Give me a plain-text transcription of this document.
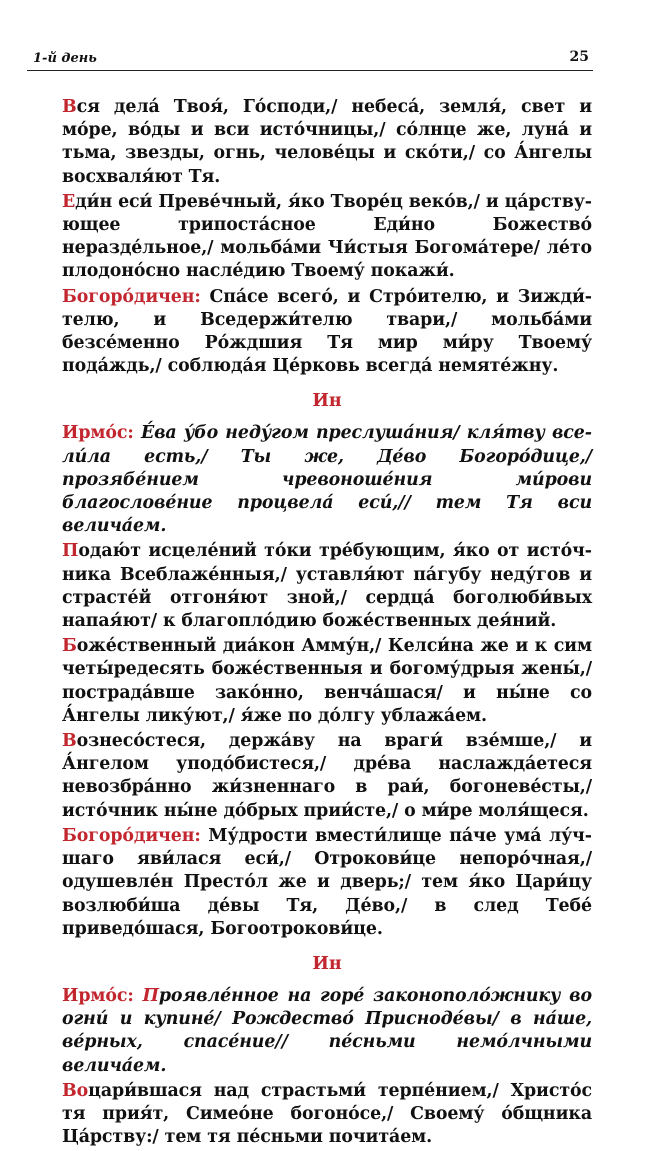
1-й день	25

Вся дела́ Твоя́, Го́споди,/ небеса́, земля́, свет и мо́ре, во́ды и вси исто́чницы,/ со́лнце же, луна́ и тьма, звезды, огнь, челове́цы и ско́ти,/ со А́нгелы восхваля́ют Тя.

Еди́н еси́ Преве́чный, я́ко Творе́ц веко́в,/ и ца́рствующее трипоста́сное Еди́но Божество́ нераздéльное,/ мольба́ми Чи́стыя Богома́тере/ ле́то плодоно́сно наслéдию Твоему́ покажи́.

Богоро́дичен: Спа́се всего́, и Стро́ителю, и Зижди́телю, и Вседержи́телю твари,/ мольба́ми безсе́менно Ро́ждшия Тя мир ми́ру Твоему́ пода́ждь,/ соблюда́я Це́рковь всегда́ немяте́жну.

Ин

Ирмо́с: Е́ва у́бо неду́гом преслуша́ния/ кля́тву всели́ла есть,/ Ты же, Де́во Богоро́дице,/ прозябе́нием чревоноше́ния ми́рови благослове́ние процвела́ еси́,// тем Тя вси велича́ем.

Подаю́т исцеле́ний то́ки тре́бующим, я́ко от исто́чника Всеблаже́нныя,/ уставля́ют па́губу неду́гов и страсте́й отгоня́ют зной,/ сердца́ боголюби́вых напая́ют/ к благопло́дию боже́ственных дея́ний.

Боже́ственный диа́кон Амму́н,/ Келси́на же и к сим четы́редесять боже́ственныя и богому́дрыя жены́,/ пострада́вше зако́нно, венча́шася/ и ны́не со А́нгелы лику́ют,/ я́же по до́лгу ублажа́ем.

Вознесо́стеся, держа́ву на враги́ взе́мше,/ и А́нгелом уподо́бистеся,/ дре́ва наслажда́етеся невозбра́нно жи́зненнаго в раи́, богоневе́сты,/ исто́чник ны́не до́брых прии́сте,/ о ми́ре моля́щеся.

Богоро́дичен: Му́дрости вмести́лище па́че ума́ лу́чшаго яви́лася еси́,/ Отрокови́це непоро́чная,/ одушевле́н Престо́л же и дверь;/ тем я́ко Цари́цу возлюби́ша де́вы Тя, Де́во,/ в след Тебе́ приведо́шася, Богоотрокови́це.

Ин

Ирмо́с: Проявле́нное на горе́ законополо́жнику во огни́ и купине́/ Рождество́ Присноде́вы/ в на́ше, ве́рных, спасе́ние// пе́сньми немо́лчными велича́ем.

Воцари́вшася над страстьми́ терпе́нием,/ Христо́с тя прия́т, Симео́не богоно́се,/ Своему́ о́бщника Ца́рству:/ тем тя пе́сньми почита́ем.
